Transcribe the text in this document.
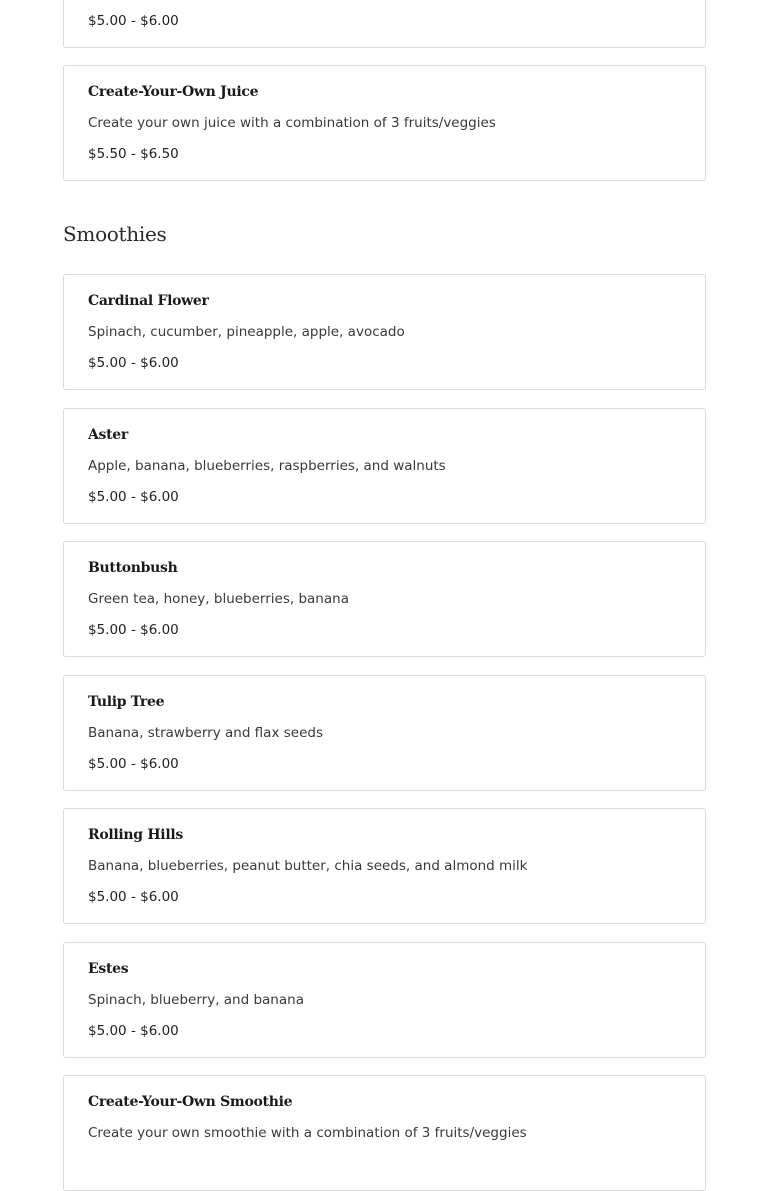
$5.00 - $6.00
Create-Your-Own Juice
Create your own juice with a combination of 3 fruits/veggies
$5.50 - $6.50
Smoothies
Cardinal Flower
Spinach, cucumber, pineapple, apple, avocado
$5.00 - $6.00
Aster
Apple, banana, blueberries, raspberries, and walnuts
$5.00 - $6.00
Buttonbush
Green tea, honey, blueberries, banana
$5.00 - $6.00
Tulip Tree
Banana, strawberry and flax seeds
$5.00 - $6.00
Rolling Hills
Banana, blueberries, peanut butter, chia seeds, and almond milk
$5.00 - $6.00
Estes
Spinach, blueberry, and banana
$5.00 - $6.00
Create-Your-Own Smoothie
Create your own smoothie with a combination of 3 fruits/veggies
